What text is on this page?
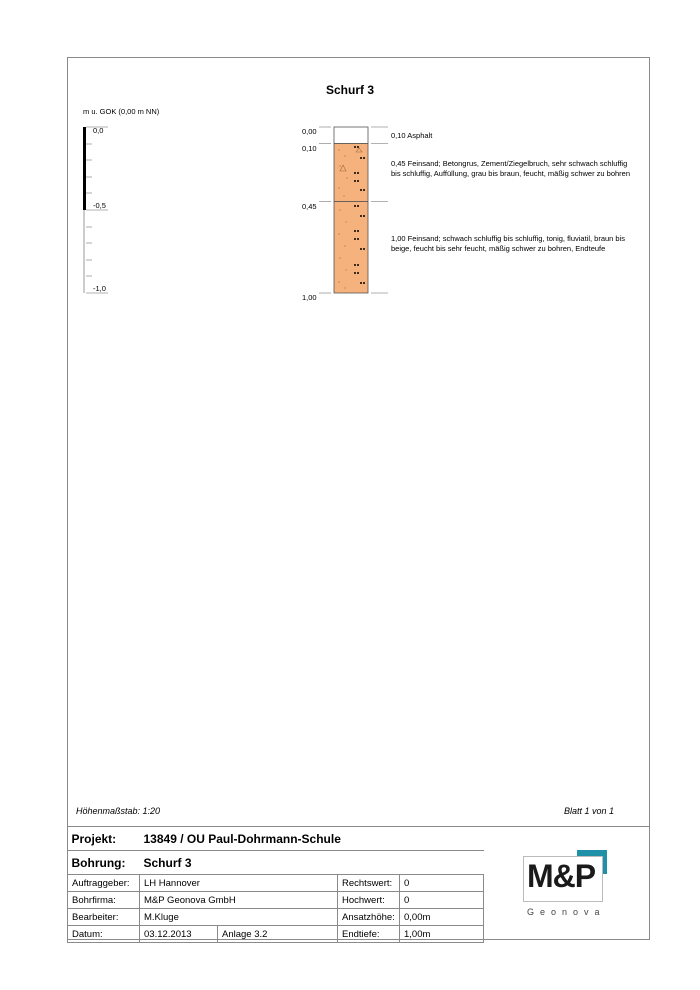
Schurf 3
m u. GOK (0,00 m NN)
0,0
-0,5
-1,0
0,00
0,10
0,45
1,00
0,10 Asphalt
0,45 Feinsand; Betongrus, Zement/Ziegelbruch, sehr schwach schluffig bis schluffig, Auffüllung, grau bis braun, feucht, mäßig schwer zu bohren
1,00 Feinsand; schwach schluffig bis schluffig, tonig, fluviatil, braun bis beige, feucht bis sehr feucht, mäßig schwer zu bohren, Endteufe
Höhenmaßstab: 1:20	Blatt 1 von 1
Projekt:	13849 / OU Paul-Dohrmann-Schule			
Bohrung:	Schurf 3			
Auftraggeber:	LH Hannover		Rechtswert:	0
Bohrfirma:	M&P Geonova GmbH		Hochwert:	0
Bearbeiter:	M.Kluge		Ansatzhöhe:	0,00m
Datum:	03.12.2013	Anlage 3.2	Endtiefe:	1,00m
M&P
Geonova
